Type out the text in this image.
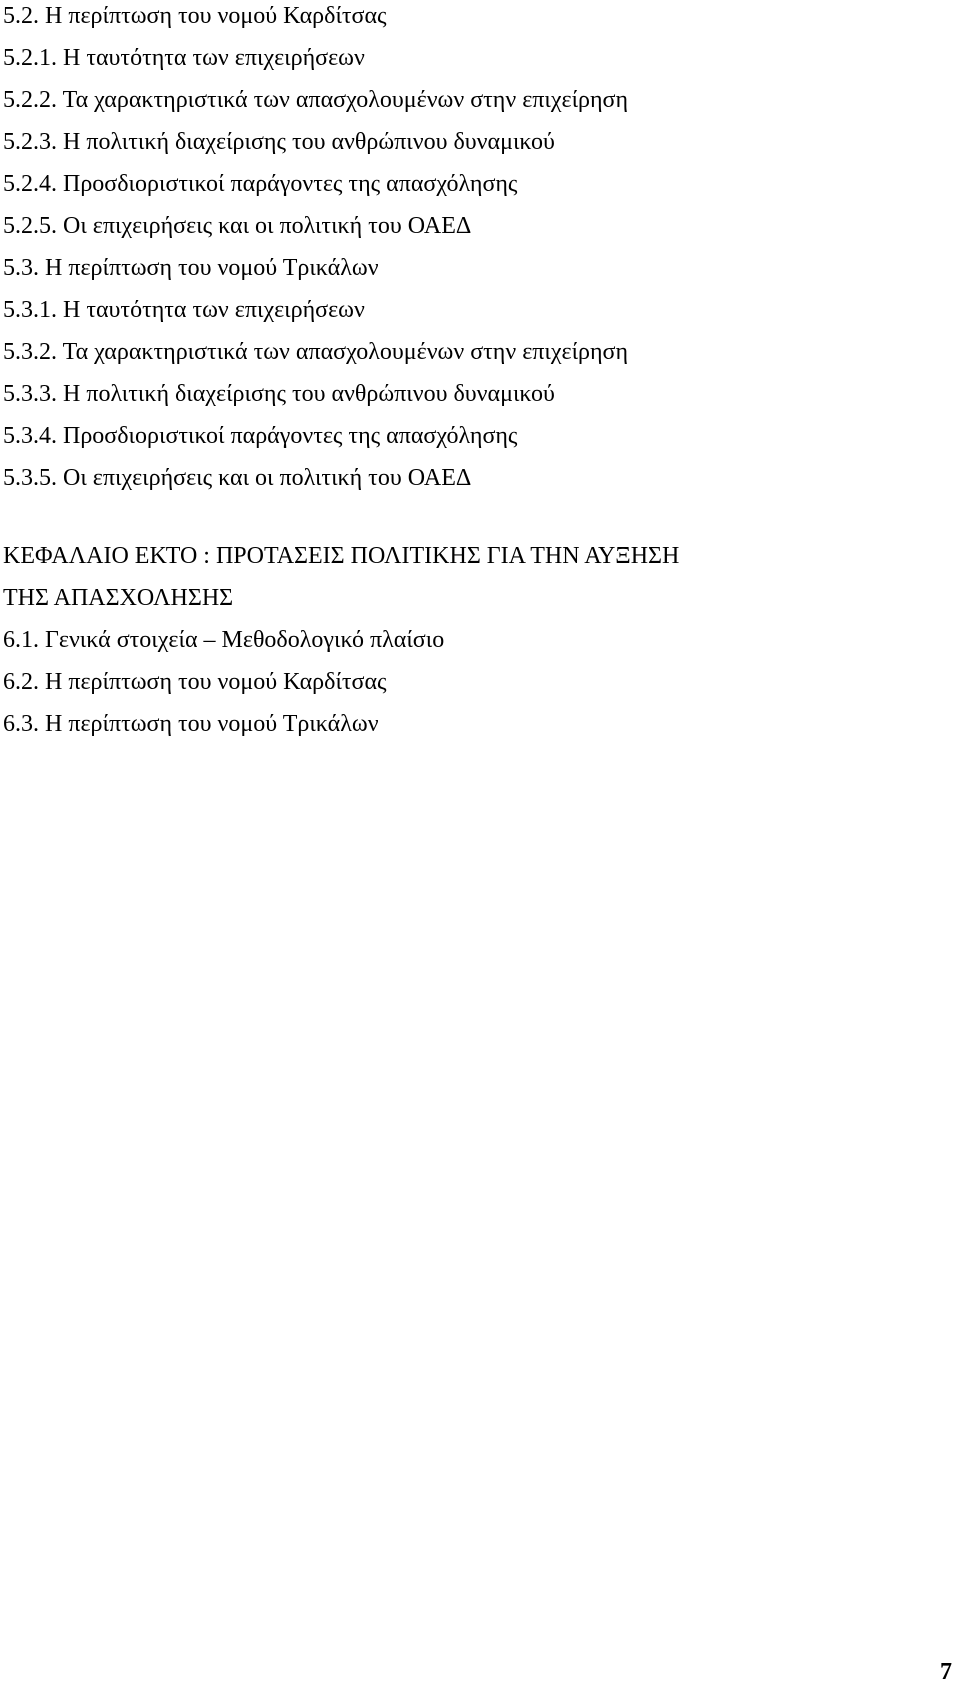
5.2. Η περίπτωση του νομού Καρδίτσας
5.2.1. Η ταυτότητα των επιχειρήσεων
5.2.2. Τα χαρακτηριστικά των απασχολουμένων στην επιχείρηση
5.2.3. Η πολιτική διαχείρισης του ανθρώπινου δυναμικού
5.2.4. Προσδιοριστικοί παράγοντες της απασχόλησης
5.2.5. Οι επιχειρήσεις και οι πολιτική του ΟΑΕΔ
5.3. Η περίπτωση του νομού Τρικάλων
5.3.1. Η ταυτότητα των επιχειρήσεων
5.3.2. Τα χαρακτηριστικά των απασχολουμένων στην επιχείρηση
5.3.3. Η πολιτική διαχείρισης του ανθρώπινου δυναμικού
5.3.4. Προσδιοριστικοί παράγοντες της απασχόλησης
5.3.5. Οι επιχειρήσεις και οι πολιτική του ΟΑΕΔ
ΚΕΦΑΛΑΙΟ ΕΚΤΟ : ΠΡΟΤΑΣΕΙΣ ΠΟΛΙΤΙΚΗΣ ΓΙΑ ΤΗΝ ΑΥΞΗΣΗ
ΤΗΣ ΑΠΑΣΧΟΛΗΣΗΣ
6.1. Γενικά στοιχεία – Μεθοδολογικό πλαίσιο
6.2. Η περίπτωση του νομού Καρδίτσας
6.3. Η περίπτωση του νομού Τρικάλων
7
